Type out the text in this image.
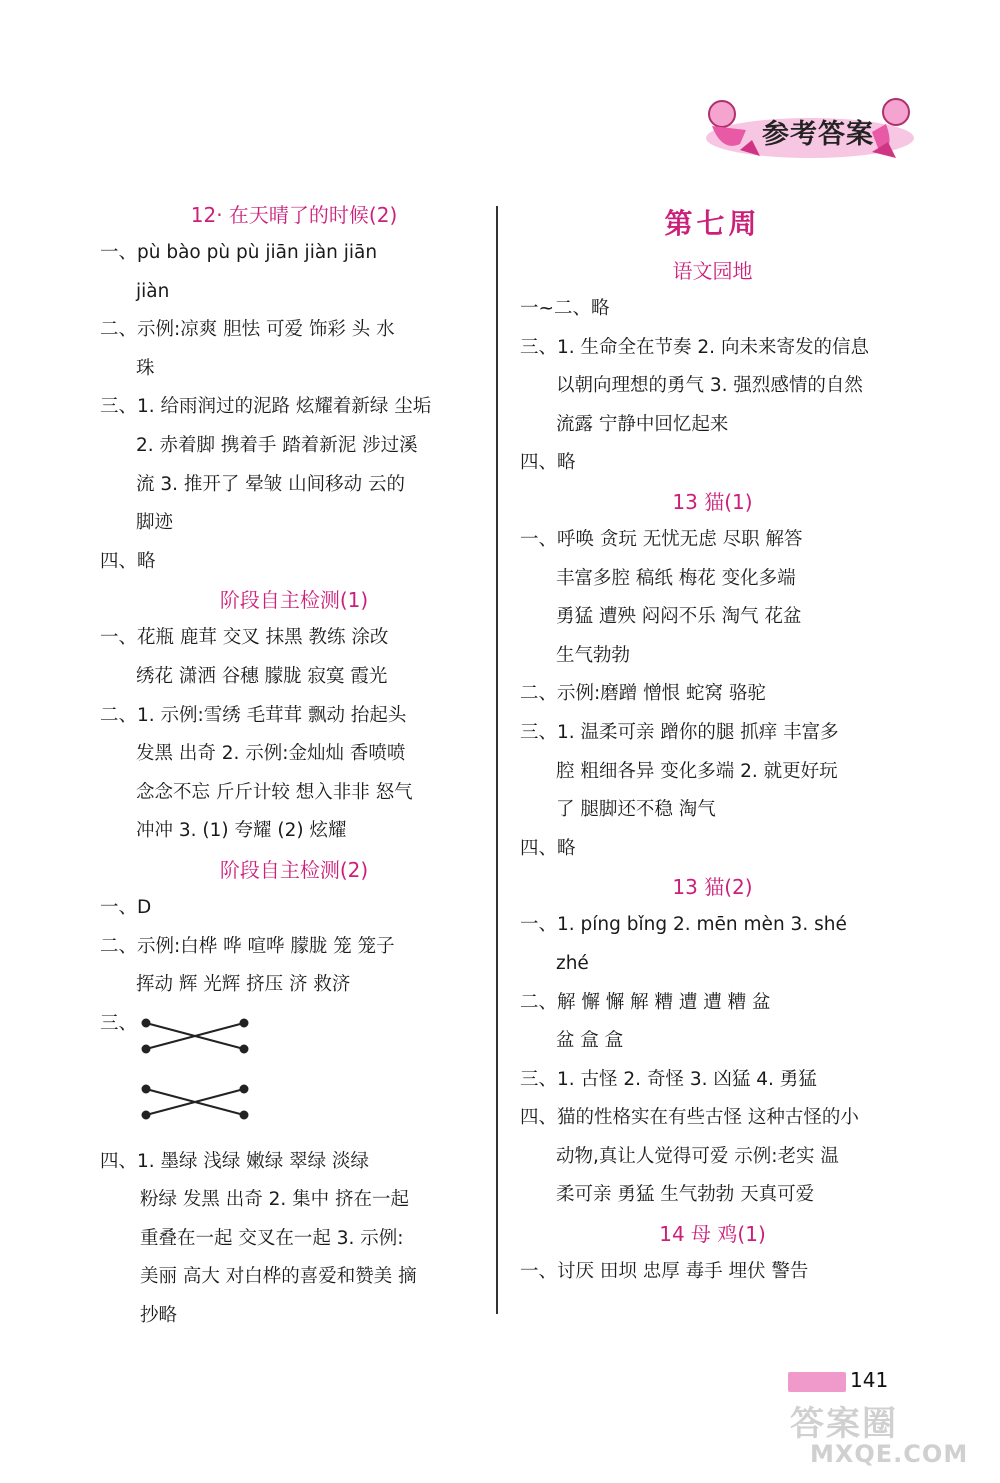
参考答案
12· 在天晴了的时候(2)
一、pù bào pù pù jiān jiàn jiān
jiàn
二、示例:凉爽 胆怯 可爱 饰彩 头 水
珠
三、1. 给雨润过的泥路 炫耀着新绿 尘垢
2. 赤着脚 携着手 踏着新泥 涉过溪
流 3. 推开了 晕皱 山间移动 云的
脚迹
四、略
阶段自主检测(1)
一、花瓶 鹿茸 交叉 抹黑 教练 涂改
绣花 潇洒 谷穗 朦胧 寂寞 霞光
二、1. 示例:雪绣 毛茸茸 飘动 抬起头
发黑 出奇 2. 示例:金灿灿 香喷喷
念念不忘 斤斤计较 想入非非 怒气
冲冲 3. (1) 夸耀 (2) 炫耀
阶段自主检测(2)
一、D
二、示例:白桦 哗 喧哗 朦胧 笼 笼子
挥动 辉 光辉 挤压 济 救济
三、
四、1. 墨绿 浅绿 嫩绿 翠绿 淡绿
粉绿 发黑 出奇 2. 集中 挤在一起
重叠在一起 交叉在一起 3. 示例:
美丽 高大 对白桦的喜爱和赞美 摘
抄略
第七周
语文园地
一~二、略
三、1. 生命全在节奏 2. 向未来寄发的信息
以朝向理想的勇气 3. 强烈感情的自然
流露 宁静中回忆起来
四、略
13 猫(1)
一、呼唤 贪玩 无忧无虑 尽职 解答
丰富多腔 稿纸 梅花 变化多端
勇猛 遭殃 闷闷不乐 淘气 花盆
生气勃勃
二、示例:磨蹭 憎恨 蛇窝 骆驼
三、1. 温柔可亲 蹭你的腿 抓痒 丰富多
腔 粗细各异 变化多端 2. 就更好玩
了 腿脚还不稳 淘气
四、略
13 猫(2)
一、1. píng bǐng 2. mēn mèn 3. shé
zhé
二、解 懈 懈 解 糟 遭 遭 糟 盆
盆 盒 盒
三、1. 古怪 2. 奇怪 3. 凶猛 4. 勇猛
四、猫的性格实在有些古怪 这种古怪的小
动物,真让人觉得可爱 示例:老实 温
柔可亲 勇猛 生气勃勃 天真可爱
14 母 鸡(1)
一、讨厌 田坝 忠厚 毒手 埋伏 警告
141
答案圈
MXQE.COM
